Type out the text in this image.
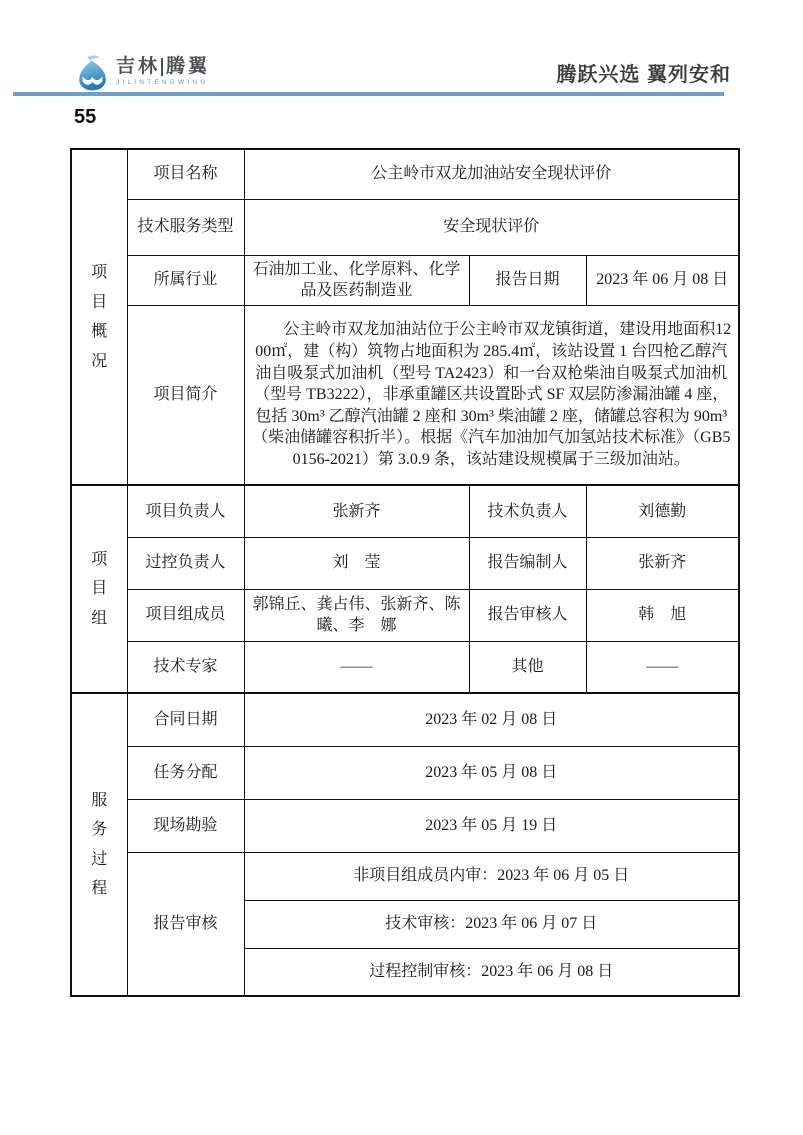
吉林 腾翼
JILINTENGWING	腾跃兴选 翼列安和
55
项目概况	项目名称	公主岭市双龙加油站安全现状评价		
	技术服务类型	安全现状评价		
	所属行业	石油加工业、化学原料、化学品及医药制造业	报告日期	2023 年 06 月 08 日
	项目简介	公主岭市双龙加油站位于公主岭市双龙镇街道，建设用地面积1200㎡，建（构）筑物占地面积为 285.4㎡，该站设置 1 台四枪乙醇汽油自吸泵式加油机（型号 TA2423）和一台双枪柴油自吸泵式加油机（型号 TB3222），非承重罐区共设置卧式 SF 双层防渗漏油罐 4 座，包括 30m³ 乙醇汽油罐 2 座和 30m³ 柴油罐 2 座，储罐总容积为 90m³（柴油储罐容积折半）。根据《汽车加油加气加氢站技术标准》（GB50156-2021）第 3.0.9 条，该站建设规模属于三级加油站。		

项目组	项目负责人	张新齐	技术负责人	刘德勤
	过控负责人	刘　莹	报告编制人	张新齐
	项目组成员	郭锦丘、龚占伟、张新齐、陈　曦、李　娜	报告审核人	韩　旭
	技术专家	——	其他	——
服务过程	合同日期	2023 年 02 月 08 日		
	任务分配	2023 年 05 月 08 日		
	现场勘验	2023 年 05 月 19 日		
	报告审核	非项目组成员内审：2023 年 06 月 05 日		
		技术审核：2023 年 06 月 07 日		
		过程控制审核：2023 年 06 月 08 日		
